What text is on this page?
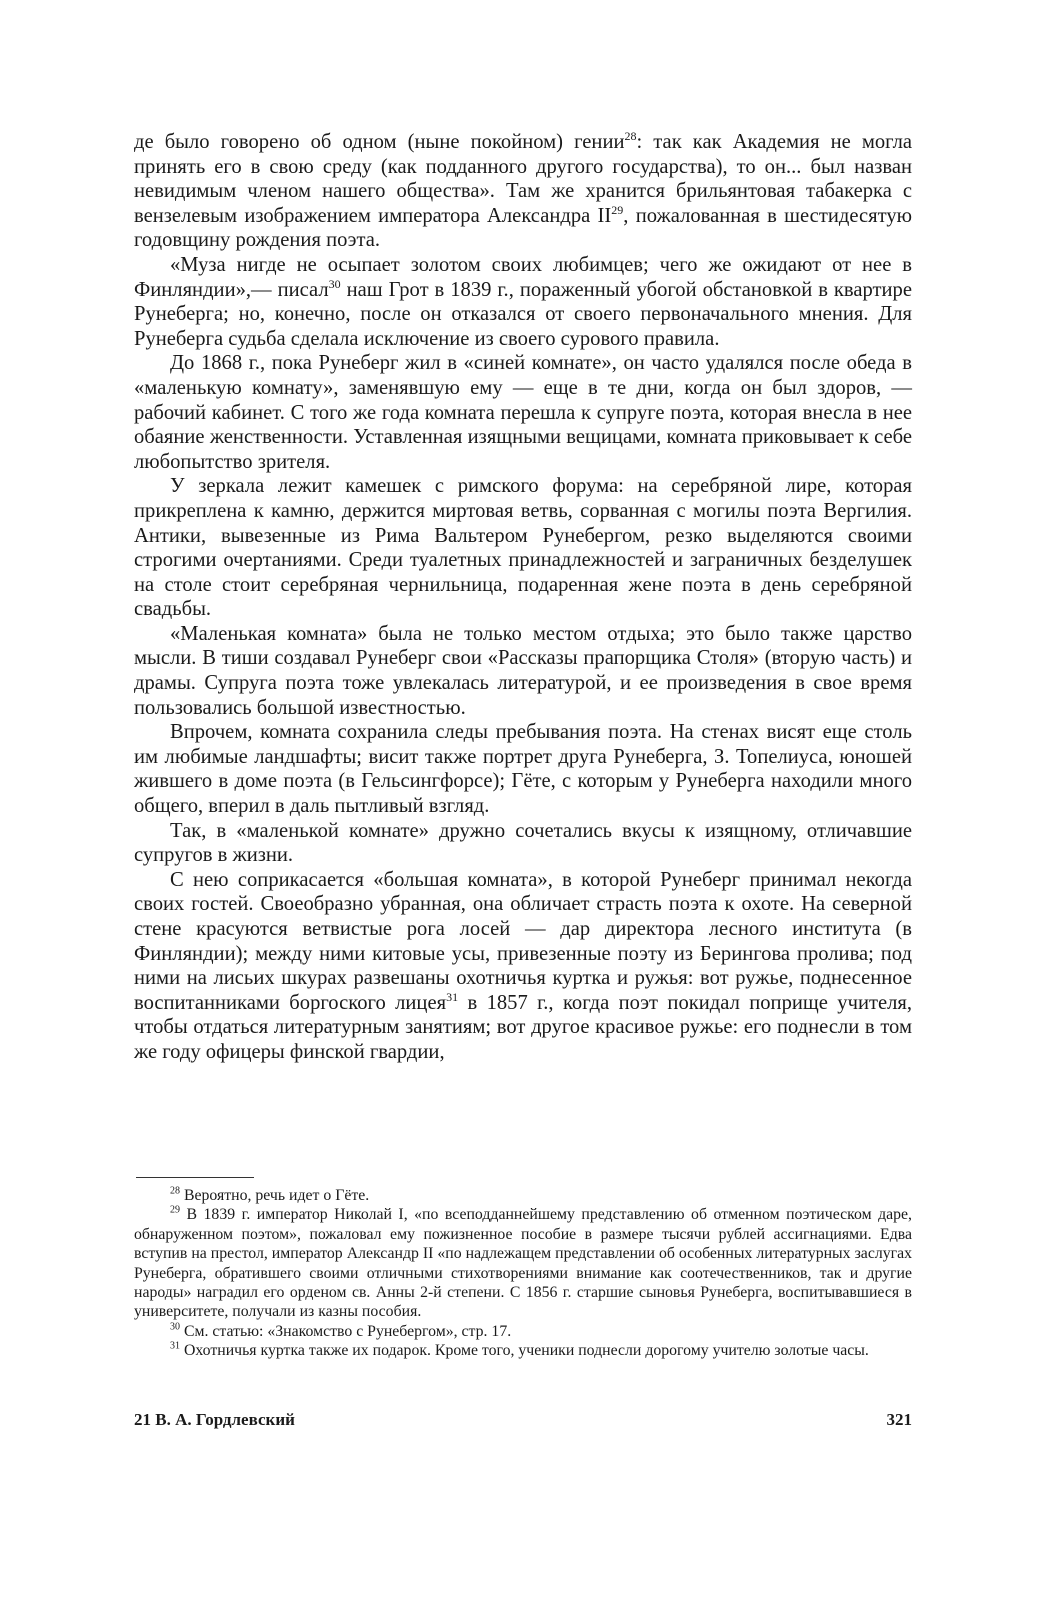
де было говорено об одном (ныне покойном) гении$^{28}$: так как Академия не могла принять его в свою среду (как подданного другого государства), то он... был назван невидимым членом нашего общества». Там же хранится брильянтовая табакерка с вензелевым изображением императора Александра II$^{29}$, пожалованная в шестидесятую годовщину рождения поэта.

«Муза нигде не осыпает золотом своих любимцев; чего же ожидают от нее в Финляндии»,— писал$^{30}$ наш Грот в 1839 г., пораженный убогой обстановкой в квартире Рунеберга; но, конечно, после он отказался от своего первоначального мнения. Для Рунеберга судьба сделала исключение из своего сурового правила.

До 1868 г., пока Рунеберг жил в «синей комнате», он часто удалялся после обеда в «маленькую комнату», заменявшую ему — еще в те дни, когда он был здоров, — рабочий кабинет. С того же года комната перешла к супруге поэта, которая внесла в нее обаяние женственности. Уставленная изящными вещицами, комната приковывает к себе любопытство зрителя.

У зеркала лежит камешек с римского форума: на серебряной лире, которая прикреплена к камню, держится миртовая ветвь, сорванная с могилы поэта Вергилия. Антики, вывезенные из Рима Вальтером Рунебергом, резко выделяются своими строгими очертаниями. Среди туалетных принадлежностей и заграничных безделушек на столе стоит серебряная чернильница, подаренная жене поэта в день серебряной свадьбы.

«Маленькая комната» была не только местом отдыха; это было также царство мысли. В тиши создавал Рунеберг свои «Рассказы прапорщика Столя» (вторую часть) и драмы. Супруга поэта тоже увлекалась литературой, и ее произведения в свое время пользовались большой известностью.

Впрочем, комната сохранила следы пребывания поэта. На стенах висят еще столь им любимые ландшафты; висит также портрет друга Рунеберга, З. Топелиуса, юношей жившего в доме поэта (в Гельсингфорсе); Гёте, с которым у Рунеберга находили много общего, вперил в даль пытливый взгляд.

Так, в «маленькой комнате» дружно сочетались вкусы к изящному, отличавшие супругов в жизни.

С нею соприкасается «большая комната», в которой Рунеберг принимал некогда своих гостей. Своеобразно убранная, она обличает страсть поэта к охоте. На северной стене красуются ветвистые рога лосей — дар директора лесного института (в Финляндии); между ними китовые усы, привезенные поэту из Берингова пролива; под ними на лисьих шкурах развешаны охотничья куртка и ружья: вот ружье, поднесенное воспитанниками боргоского лицея$^{31}$ в 1857 г., когда поэт покидал поприще учителя, чтобы отдаться литературным занятиям; вот другое красивое ружье: его поднесли в том же году офицеры финской гвардии,

$^{28}$ Вероятно, речь идет о Гёте.

$^{29}$ В 1839 г. император Николай I, «по всеподданнейшему представлению об отменном поэтическом даре, обнаруженном поэтом», пожаловал ему пожизненное пособие в размере тысячи рублей ассигнациями. Едва вступив на престол, император Александр II «по надлежащем представлении об особенных литературных заслугах Рунеберга, обратившего своими отличными стихотворениями внимание как соотечественников, так и другие народы» наградил его орденом св. Анны 2-й степени. С 1856 г. старшие сыновья Рунеберга, воспитывавшиеся в университете, получали из казны пособия.

$^{30}$ См. статью: «Знакомство с Рунебергом», стр. 17.

$^{31}$ Охотничья куртка также их подарок. Кроме того, ученики поднесли дорогому учителю золотые часы.

21 В. А. Гордлевский	321
